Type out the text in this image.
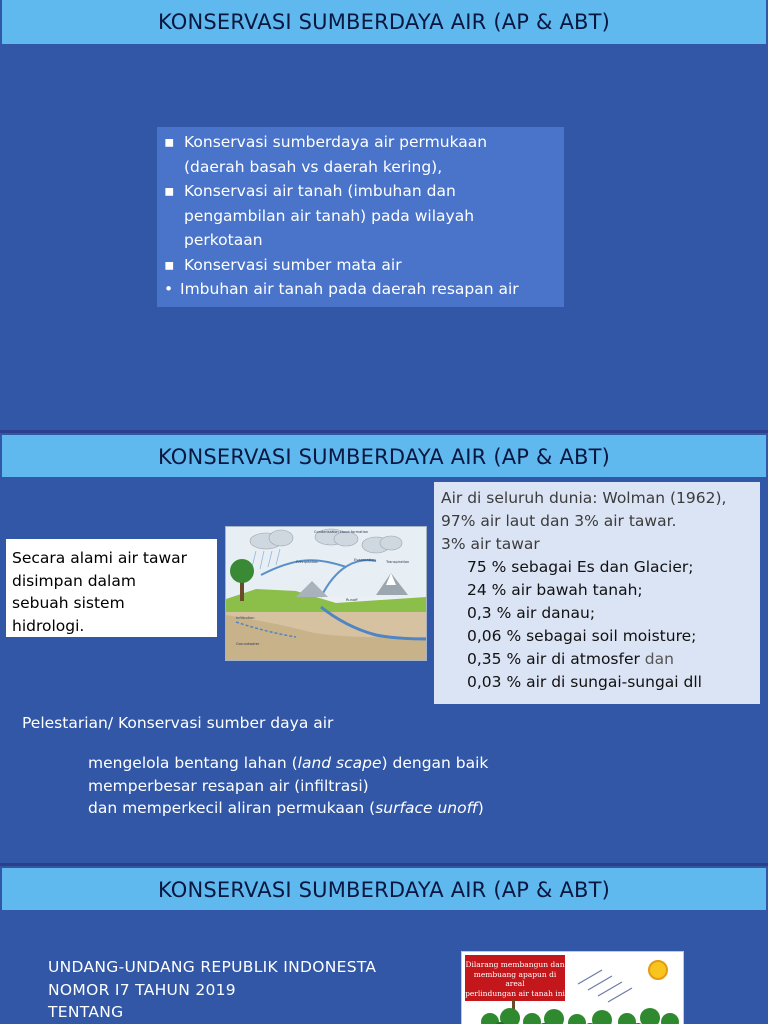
KONSERVASI SUMBERDAYA AIR (AP & ABT)
▪ Konservasi sumberdaya air permukaan
(daerah basah vs daerah kering),
▪ Konservasi air tanah (imbuhan dan
pengambilan air tanah) pada wilayah
perkotaan
▪ Konservasi sumber mata air
• Imbuhan air tanah pada daerah resapan air
KONSERVASI SUMBERDAYA AIR (AP & ABT)
Secara alami air tawar
disimpan dalam
sebuah sistem
hidrologi.
Condensation cloud formation
Precipitation	Evaporation	Transpiration
Runoff
Infiltration
Groundwater
Air di seluruh dunia: Wolman (1962),
97% air laut dan 3% air tawar.
3% air tawar
75 % sebagai Es dan Glacier;
24 % air bawah tanah;
0,3 % air danau;
0,06 % sebagai soil moisture;
0,35 % air di atmosfer dan
0,03 % air di sungai-sungai dll
Pelestarian/ Konservasi sumber daya air
mengelola bentang lahan (land scape) dengan baik
memperbesar resapan air (infiltrasi)
dan memperkecil aliran permukaan (surface unoff)
KONSERVASI SUMBERDAYA AIR (AP & ABT)
UNDANG-UNDANG REPUBLIK INDONESTA
NOMOR I7 TAHUN 2019
TENTANG
Dilarang membangun dan
membuang apapun di areal
perlindungan air tanah ini
